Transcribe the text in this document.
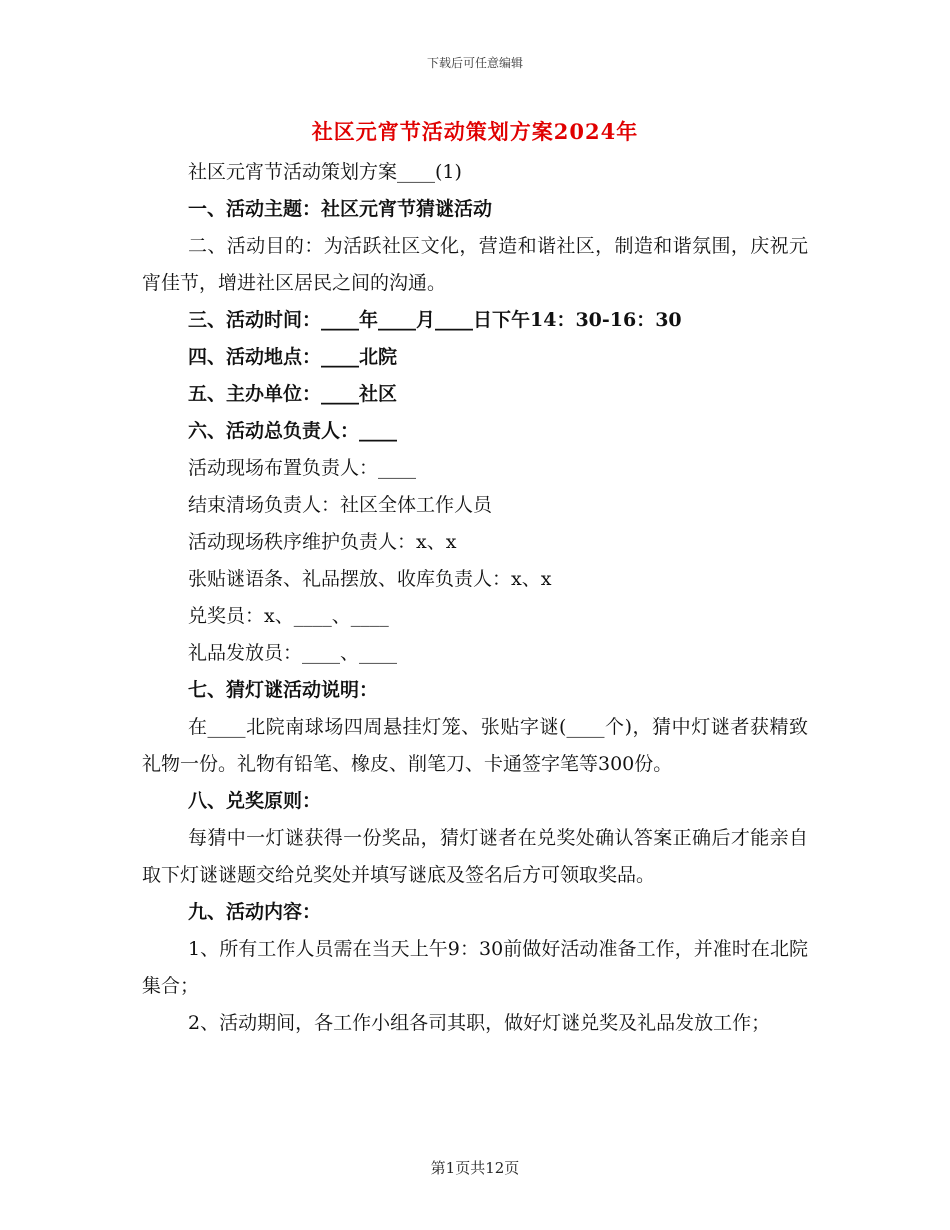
下载后可任意编辑
社区元宵节活动策划方案2024年

社区元宵节活动策划方案____(1)

一、活动主题：社区元宵节猜谜活动

二、活动目的：为活跃社区文化，营造和谐社区，制造和谐氛围，庆祝元宵佳节，增进社区居民之间的沟通。

三、活动时间：____年____月____日下午14：30-16：30

四、活动地点：____北院

五、主办单位：____社区

六、活动总负责人：____

活动现场布置负责人：____

结束清场负责人：社区全体工作人员

活动现场秩序维护负责人：x、x

张贴谜语条、礼品摆放、收库负责人：x、x

兑奖员：x、____、____

礼品发放员：____、____

七、猜灯谜活动说明：

在____北院南球场四周悬挂灯笼、张贴字谜(____个)，猜中灯谜者获精致礼物一份。礼物有铅笔、橡皮、削笔刀、卡通签字笔等300份。

八、兑奖原则：

每猜中一灯谜获得一份奖品，猜灯谜者在兑奖处确认答案正确后才能亲自取下灯谜谜题交给兑奖处并填写谜底及签名后方可领取奖品。

九、活动内容：

1、所有工作人员需在当天上午9：30前做好活动准备工作，并准时在北院集合；

2、活动期间，各工作小组各司其职，做好灯谜兑奖及礼品发放工作；

第1页共12页
